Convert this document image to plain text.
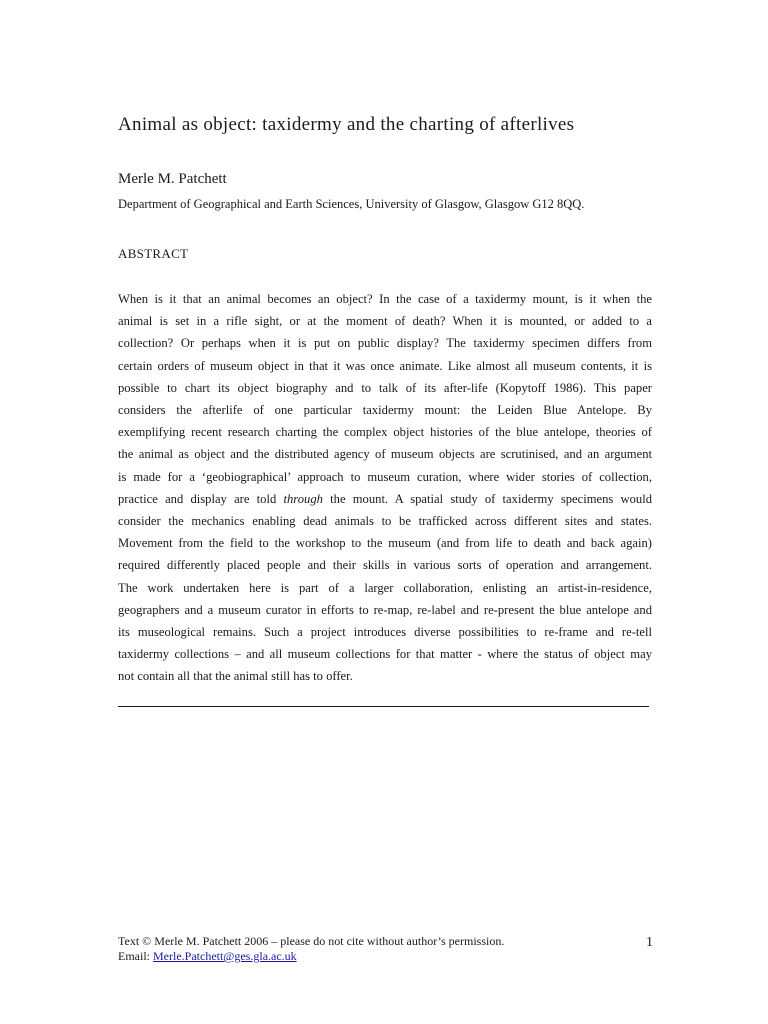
Animal as object: taxidermy and the charting of afterlives

Merle M. Patchett

Department of Geographical and Earth Sciences, University of Glasgow, Glasgow G12 8QQ.

ABSTRACT

When is it that an animal becomes an object? In the case of a taxidermy mount, is it when the
animal is set in a rifle sight, or at the moment of death? When it is mounted, or added to a
collection? Or perhaps when it is put on public display? The taxidermy specimen differs from
certain orders of museum object in that it was once animate. Like almost all museum contents, it is
possible to chart its object biography and to talk of its after-life (Kopytoff 1986). This paper
considers the afterlife of one particular taxidermy mount: the Leiden Blue Antelope. By
exemplifying recent research charting the complex object histories of the blue antelope, theories of
the animal as object and the distributed agency of museum objects are scrutinised, and an argument
is made for a ‘geobiographical’ approach to museum curation, where wider stories of collection,
practice and display are told through the mount. A spatial study of taxidermy specimens would
consider the mechanics enabling dead animals to be trafficked across different sites and states.
Movement from the field to the workshop to the museum (and from life to death and back again)
required differently placed people and their skills in various sorts of operation and arrangement.
The work undertaken here is part of a larger collaboration, enlisting an artist-in-residence,
geographers and a museum curator in efforts to re-map, re-label and re-present the blue antelope and
its museological remains. Such a project introduces diverse possibilities to re-frame and re-tell
taxidermy collections – and all museum collections for that matter - where the status of object may
not contain all that the animal still has to offer.
Text © Merle M. Patchett 2006 – please do not cite without author’s permission.
Email: Merle.Patchett@ges.gla.ac.uk
1
